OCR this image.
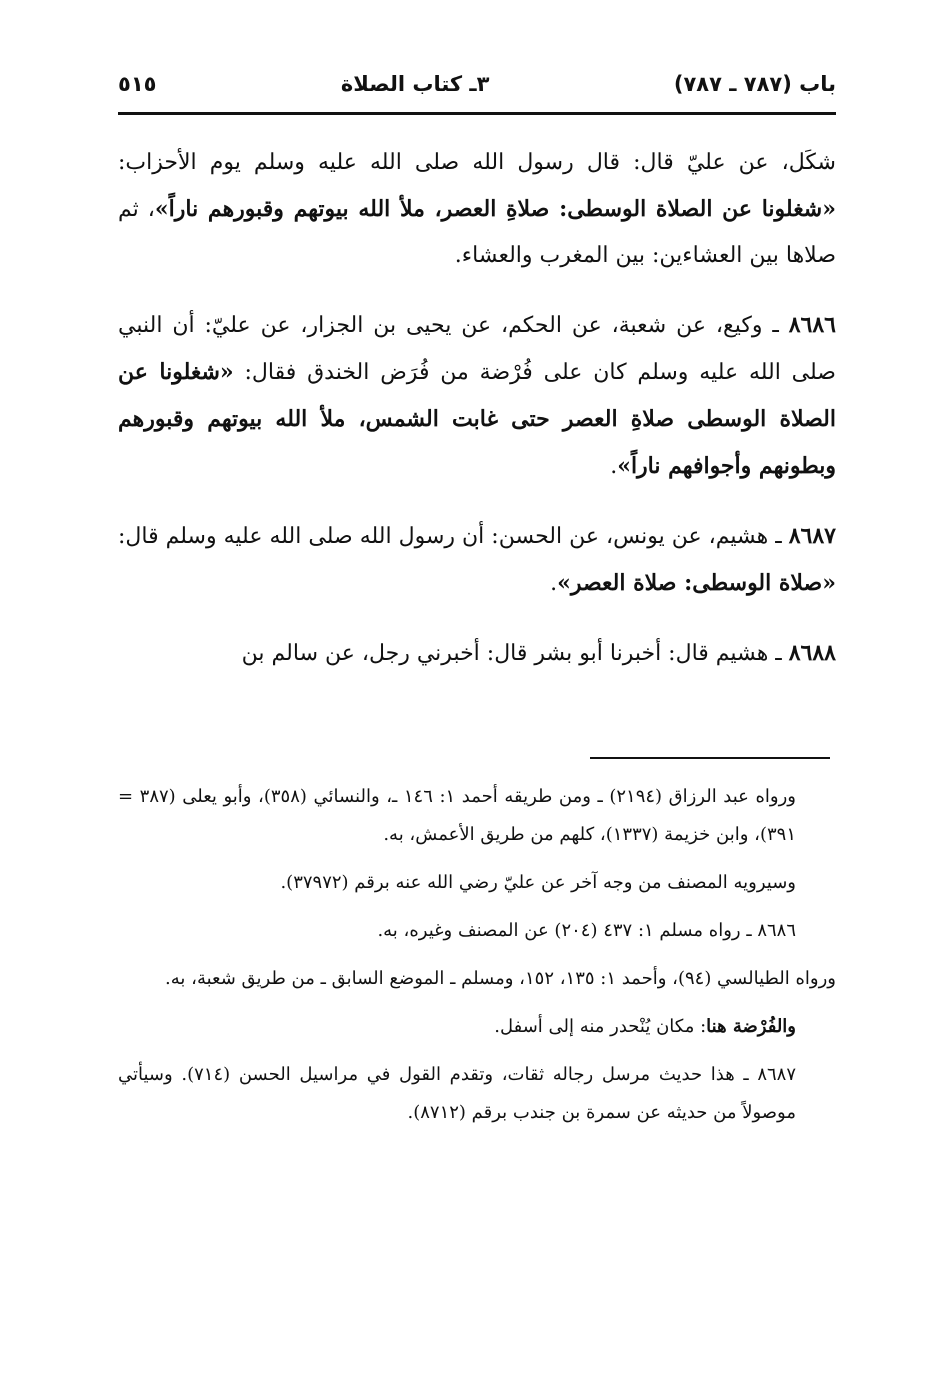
باب (٧٨٧ ـ ٧٨٧)
٣ـ كتاب الصلاة
٥١٥

شكَل، عن عليّ قال: قال رسول الله صلى الله عليه وسلم يوم الأحزاب: «شغلونا عن الصلاة الوسطى: صلاةِ العصر، ملأ الله بيوتهم وقبورهم ناراً»، ثم صلاها بين العشاءين: بين المغرب والعشاء.

٨٦٨٦ ـ وكيع، عن شعبة، عن الحكم، عن يحيى بن الجزار، عن عليّ: أن النبي صلى الله عليه وسلم كان على فُرْضة من فُرَض الخندق فقال: «شغلونا عن الصلاة الوسطى صلاةِ العصر حتى غابت الشمس، ملأ الله بيوتهم وقبورهم وبطونهم وأجوافهم ناراً».

٨٦٨٧ ـ هشيم، عن يونس، عن الحسن: أن رسول الله صلى الله عليه وسلم قال: «صلاة الوسطى: صلاة العصر».

٨٦٨٨ ـ هشيم قال: أخبرنا أبو بشر قال: أخبرني رجل، عن سالم بن

ورواه عبد الرزاق (٢١٩٤) ـ ومن طريقه أحمد ١: ١٤٦ ـ، والنسائي (٣٥٨)، وأبو يعلى (٣٨٧ = ٣٩١)، وابن خزيمة (١٣٣٧)، كلهم من طريق الأعمش، به.

وسيرويه المصنف من وجه آخر عن عليّ رضي الله عنه برقم (٣٧٩٧٢).

٨٦٨٦ ـ رواه مسلم ١: ٤٣٧ (٢٠٤) عن المصنف وغيره، به.

ورواه الطيالسي (٩٤)، وأحمد ١: ١٣٥، ١٥٢، ومسلم ـ الموضع السابق ـ من طريق شعبة، به.

والفُرْضة هنا: مكان يُنْحدر منه إلى أسفل.

٨٦٨٧ ـ هذا حديث مرسل رجاله ثقات، وتقدم القول في مراسيل الحسن (٧١٤). وسيأتي موصولاً من حديثه عن سمرة بن جندب برقم (٨٧١٢).
